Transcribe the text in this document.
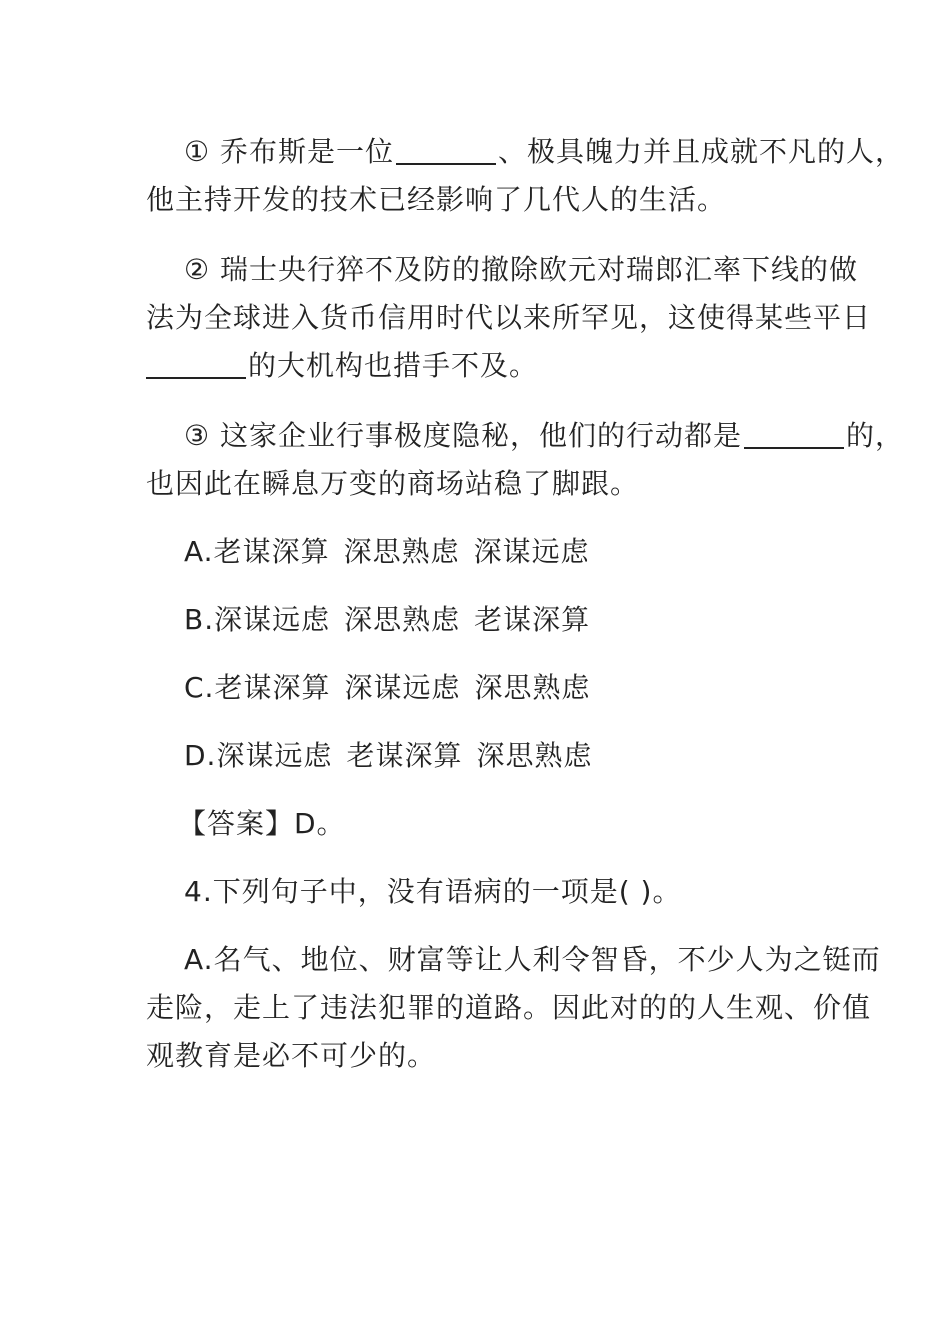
① 乔布斯是一位	、极具魄力并且成就不凡的人，
他主持开发的技术已经影响了几代人的生活。
② 瑞士央行猝不及防的撤除欧元对瑞郎汇率下线的做
法为全球进入货币信用时代以来所罕见，这使得某些平日
的大机构也措手不及。
③ 这家企业行事极度隐秘，他们的行动都是	的，
也因此在瞬息万变的商场站稳了脚跟。
A.老谋深算 深思熟虑 深谋远虑
B.深谋远虑 深思熟虑 老谋深算
C.老谋深算 深谋远虑 深思熟虑
D.深谋远虑 老谋深算 深思熟虑
【答案】D。
4.下列句子中，没有语病的一项是( )。
A.名气、地位、财富等让人利令智昏，不少人为之铤而
走险，走上了违法犯罪的道路。因此对的的人生观、价值
观教育是必不可少的。
